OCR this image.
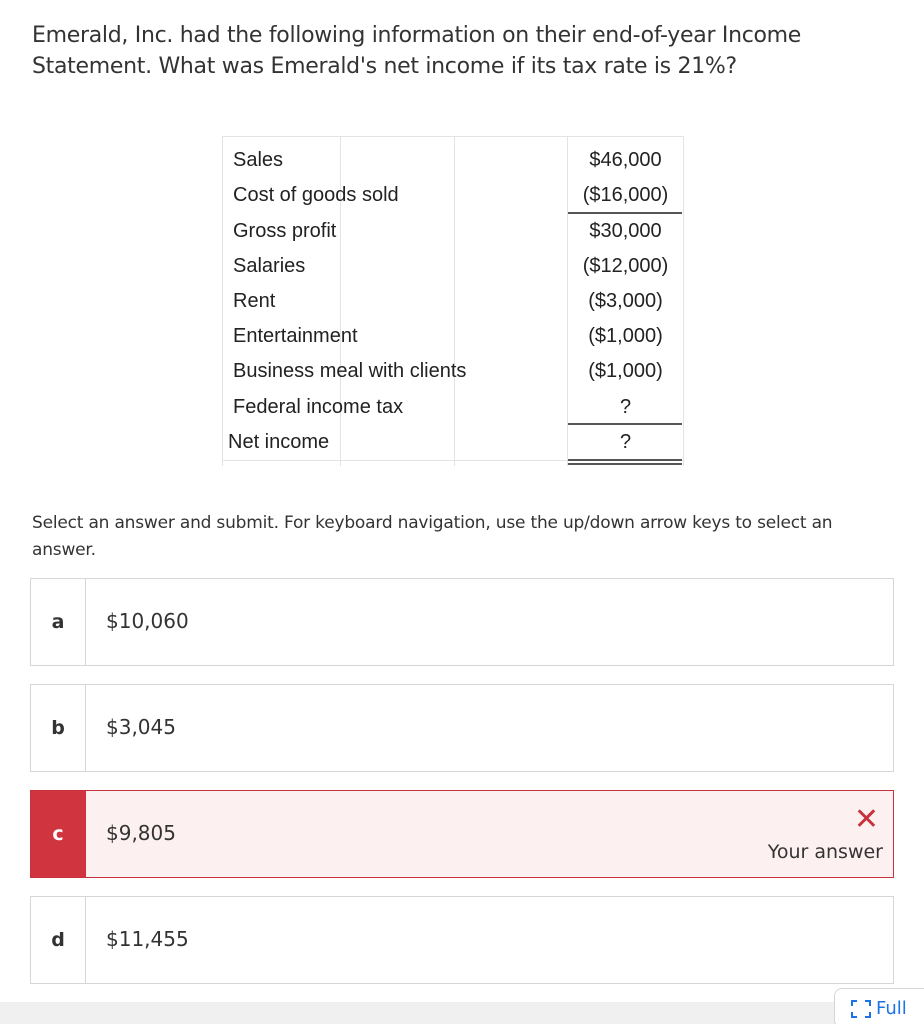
Emerald, Inc. had the following information on their end-of-year Income Statement. What was Emerald's net income if its tax rate is 21%?
Sales	$46,000
Cost of goods sold	($16,000)
Gross profit	$30,000
Salaries	($12,000)
Rent	($3,000)
Entertainment	($1,000)
Business meal with clients	($1,000)
Federal income tax	?
Net income	?
Select an answer and submit. For keyboard navigation, use the up/down arrow keys to select an answer.
a	$10,060
b	$3,045
c	$9,805	✕
Your answer
d	$11,455
Full
